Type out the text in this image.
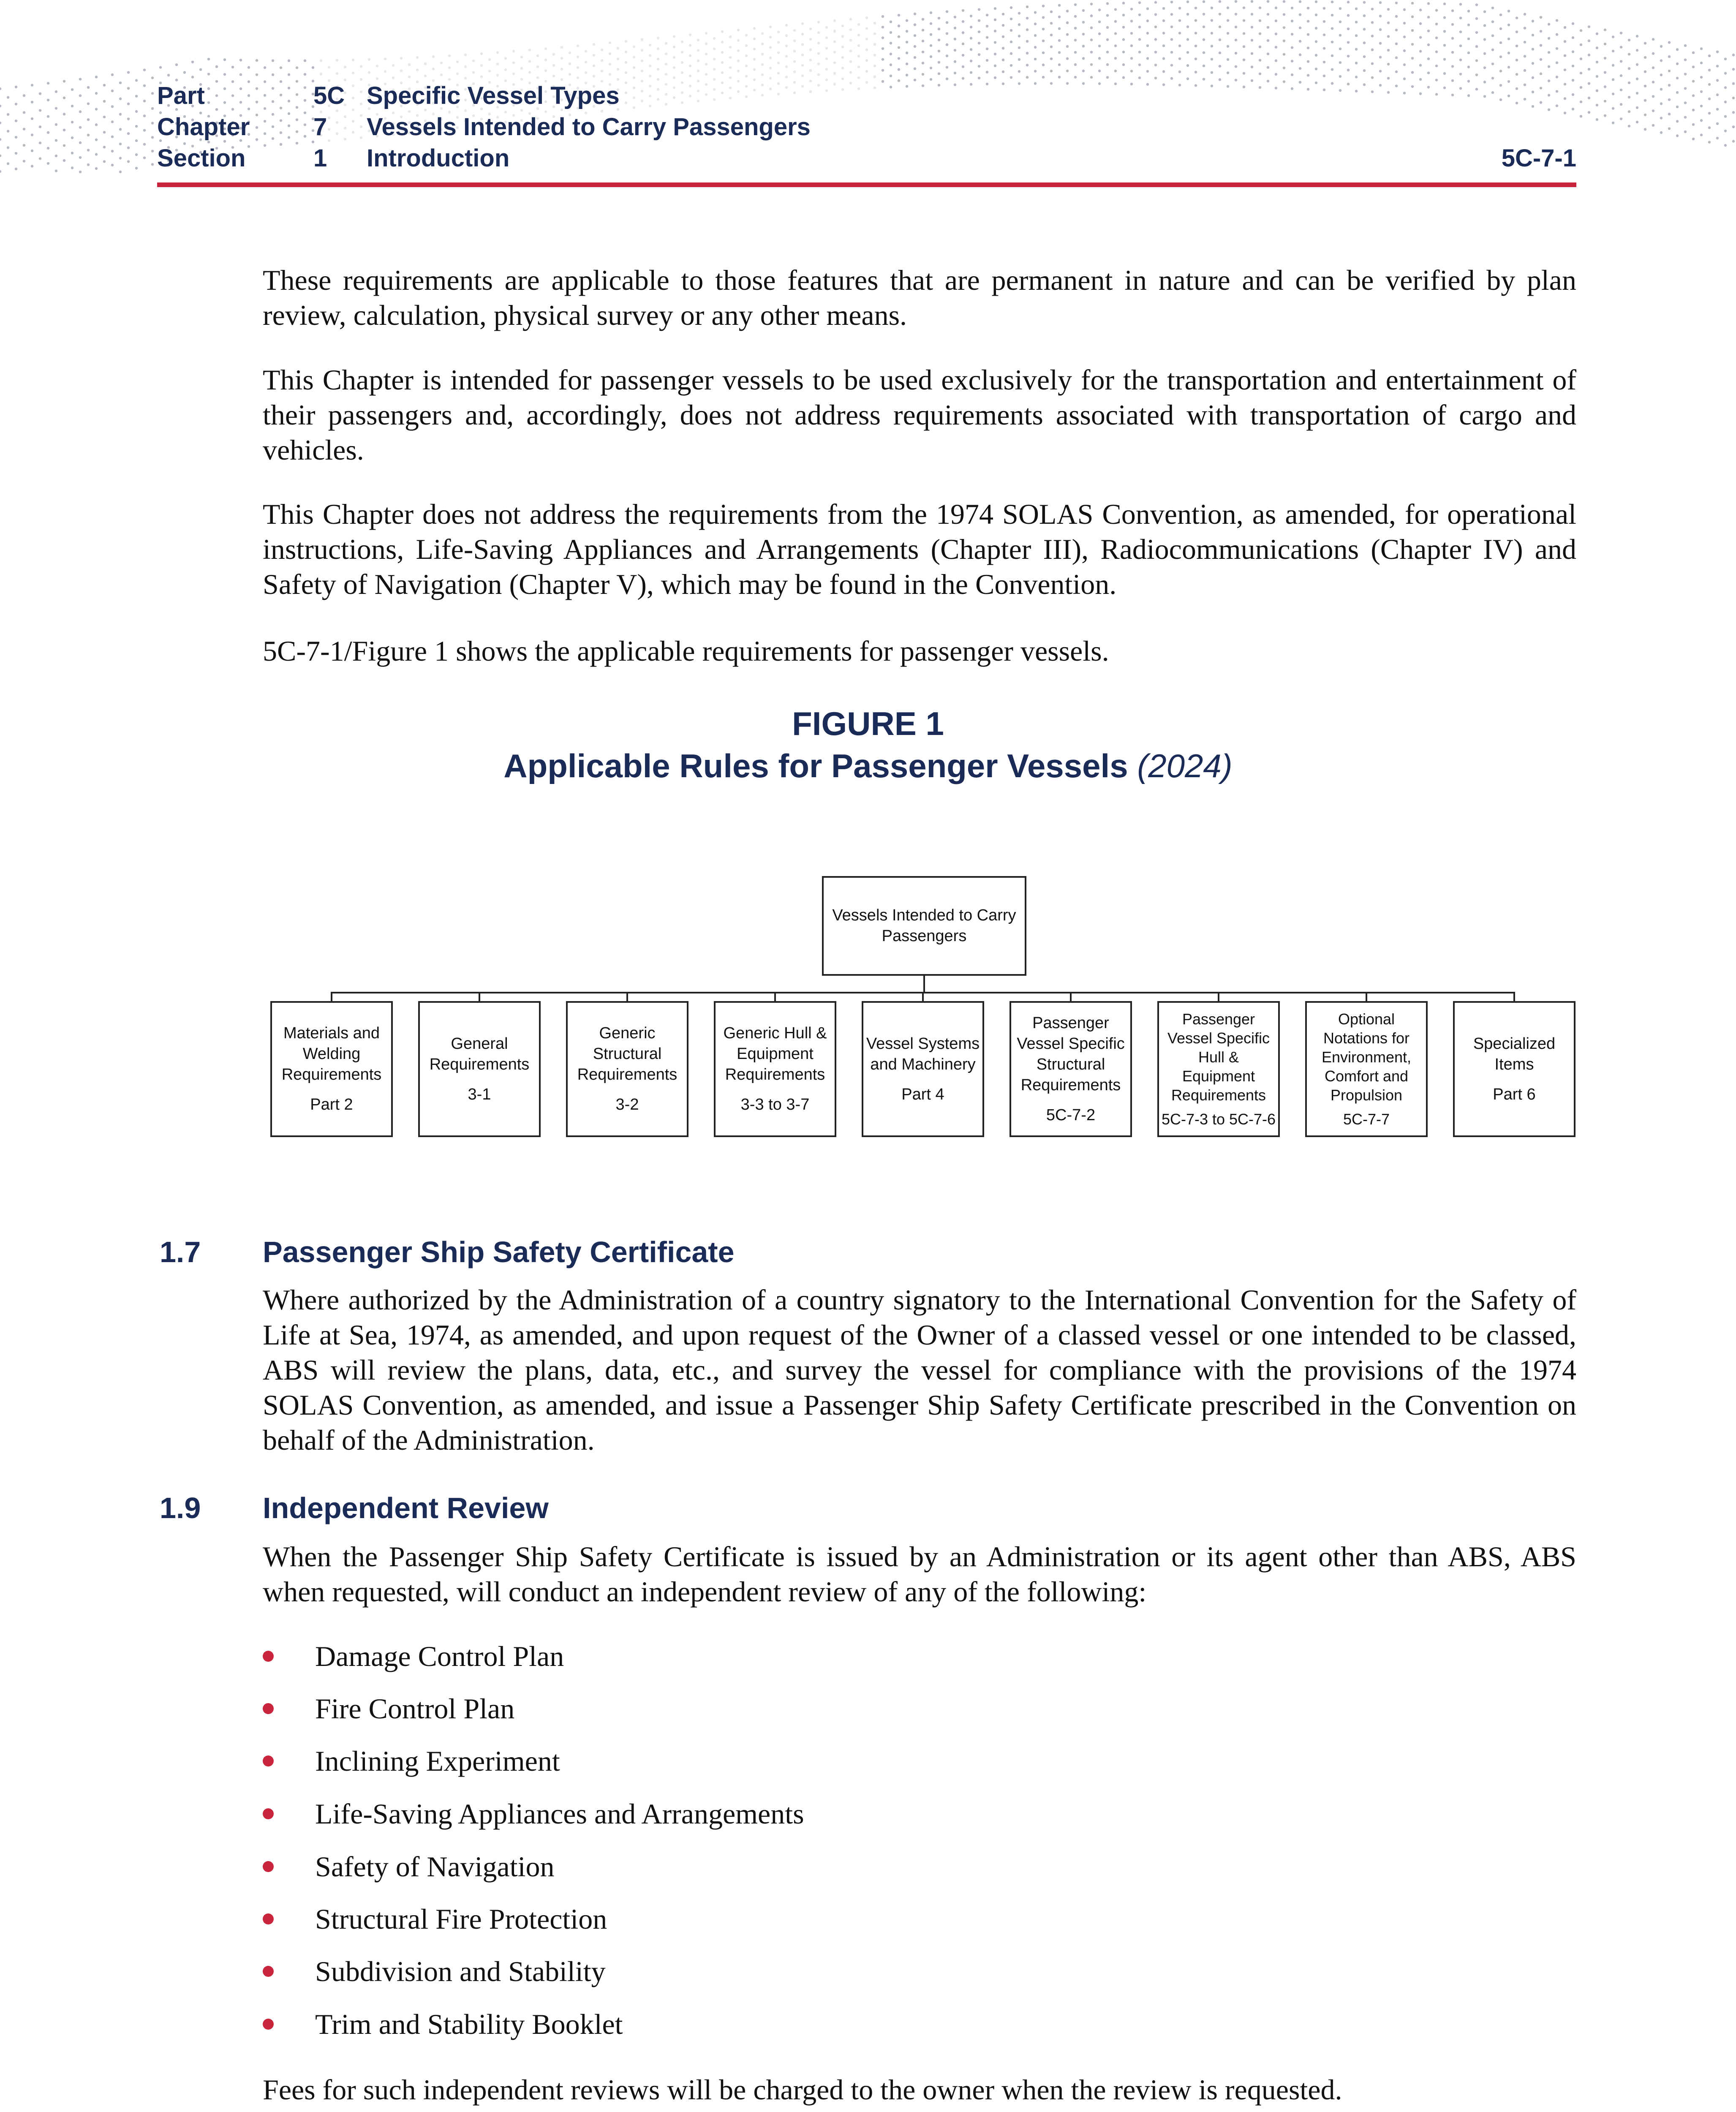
Part	5C Specific Vessel Types
Chapter	7 Vessels Intended to Carry Passengers
Section	1 Introduction	5C-7-1

These requirements are applicable to those features that are permanent in nature and can be verified by plan review, calculation, physical survey or any other means.

This Chapter is intended for passenger vessels to be used exclusively for the transportation and entertainment of their passengers and, accordingly, does not address requirements associated with transportation of cargo and vehicles.

This Chapter does not address the requirements from the 1974 SOLAS Convention, as amended, for operational instructions, Life-Saving Appliances and Arrangements (Chapter III), Radiocommunications (Chapter IV) and Safety of Navigation (Chapter V), which may be found in the Convention.

5C-7-1/Figure 1 shows the applicable requirements for passenger vessels.

FIGURE 1
Applicable Rules for Passenger Vessels (2024)
Vessels Intended to Carry
Passengers
Materials and
Welding
Requirements
Part 2
General
Requirements
3-1
Generic
Structural
Requirements
3-2
Generic Hull &
Equipment
Requirements
3-3 to 3-7
Vessel Systems
and Machinery
Part 4
Passenger
Vessel Specific
Structural
Requirements
5C-7-2
Passenger
Vessel Specific
Hull &
Equipment
Requirements
5C-7-3 to 5C-7-6
Optional
Notations for
Environment,
Comfort and
Propulsion
5C-7-7
Specialized
Items
Part 6
1.7 Passenger Ship Safety Certificate

Where authorized by the Administration of a country signatory to the International Convention for the Safety of Life at Sea, 1974, as amended, and upon request of the Owner of a classed vessel or one intended to be classed, ABS will review the plans, data, etc., and survey the vessel for compliance with the provisions of the 1974 SOLAS Convention, as amended, and issue a Passenger Ship Safety Certificate prescribed in the Convention on behalf of the Administration.

1.9 Independent Review

When the Passenger Ship Safety Certificate is issued by an Administration or its agent other than ABS, ABS when requested, will conduct an independent review of any of the following:

Damage Control Plan
Fire Control Plan
Inclining Experiment
Life-Saving Appliances and Arrangements
Safety of Navigation
Structural Fire Protection
Subdivision and Stability
Trim and Stability Booklet

Fees for such independent reviews will be charged to the owner when the review is requested.
